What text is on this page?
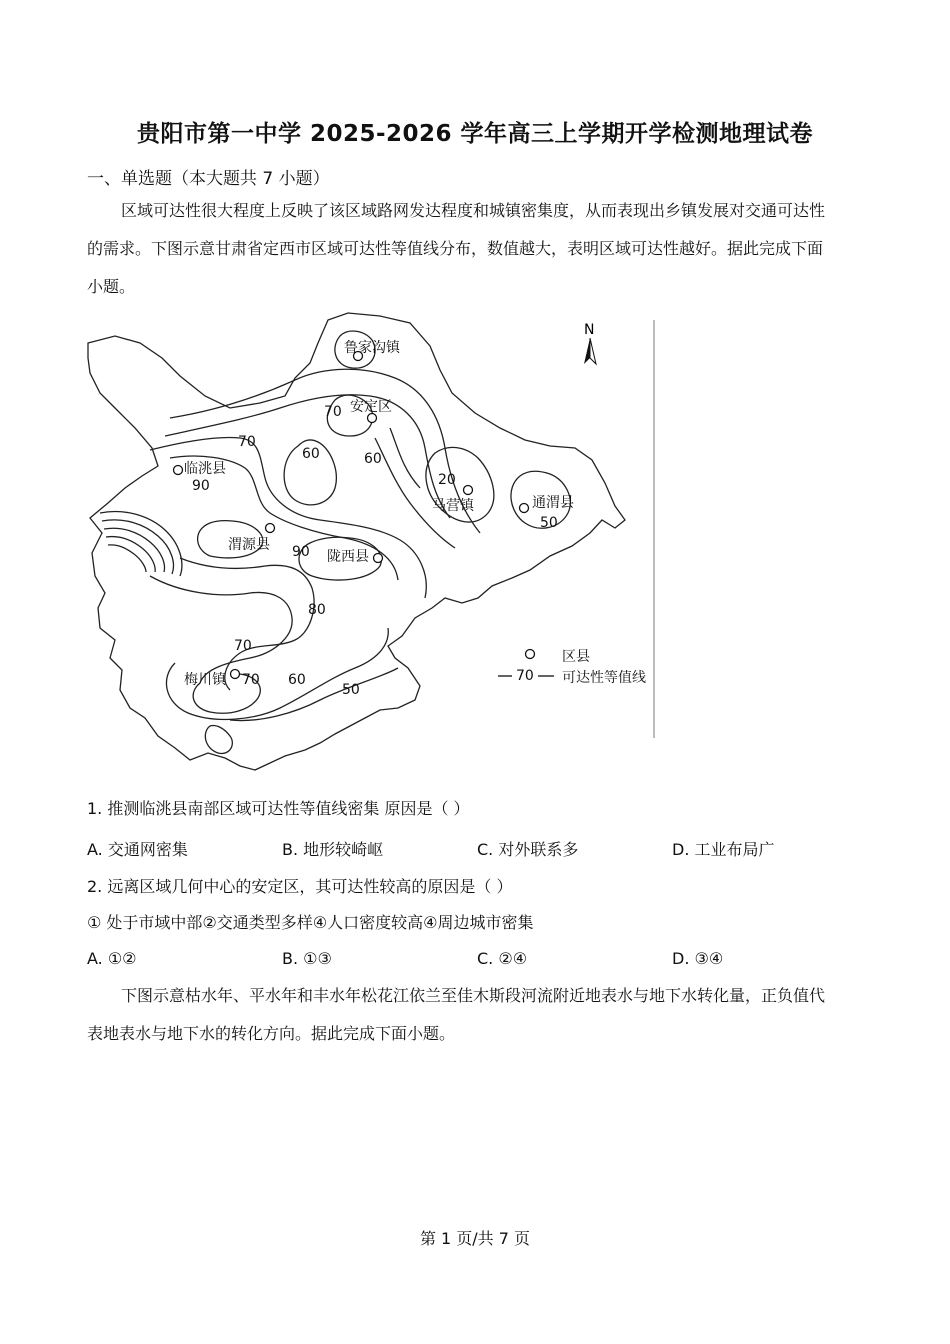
贵阳市第一中学 2025-2026 学年高三上学期开学检测地理试卷
一、单选题（本大题共 7 小题）
区域可达性很大程度上反映了该区域路网发达程度和城镇密集度，从而表现出乡镇发展对交通可达性
的需求。下图示意甘肃省定西市区域可达性等值线分布，数值越大，表明区域可达性越好。据此完成下面
小题。
N
鲁家沟镇
安定区
临洮县
渭源县
陇西县
马营镇	通渭县
梅川镇
70
70
60	60
90
90
20
50
80
70
70 60
50
区县
70 可达性等值线
1. 推测临洮县南部区域可达性等值线密集 原因是（ ）
A. 交通网密集	B. 地形较崎岖	C. 对外联系多	D. 工业布局广
2. 远离区域几何中心的安定区，其可达性较高的原因是（ ）
① 处于市域中部②交通类型多样④人口密度较高④周边城市密集
A. ①②	B. ①③	C. ②④	D. ③④
下图示意枯水年、平水年和丰水年松花江依兰至佳木斯段河流附近地表水与地下水转化量，正负值代
表地表水与地下水的转化方向。据此完成下面小题。
第 1 页/共 7 页
